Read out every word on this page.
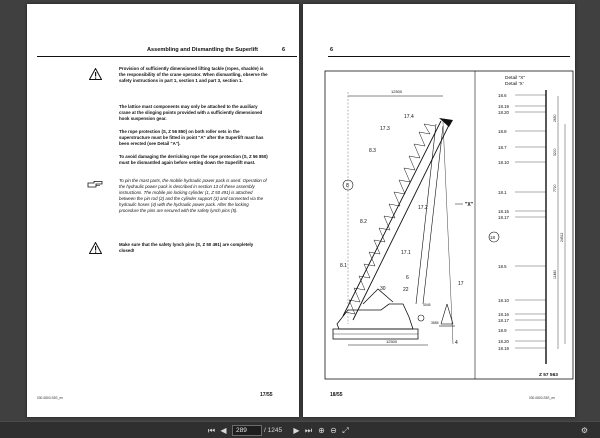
Assembling and Dismantling the Superlift	6
Provision of sufficiently dimensioned lifting tackle (ropes, shackle) is the responsibility of the crane operator. When dismantling, observe the safety instructions in part 1, section 1 and part 3, section 1.
The lattice mast components may only be attached to the auxiliary crane at the slinging points provided with a sufficiently dimensioned hook suspension gear.
The rope protection (S, Z 56 850) on both roller sets in the superstructure must be fitted in point "A" after the Superlift mast has been erected (see Detail "A").
To avoid damaging the derricking rope the rope protection (S, Z 56 850) must be dismantled again before setting down the Superlift mast.
To pin the mast parts, the mobile hydraulic power pack is used. Operation of the hydraulic power pack is described in section 13 of these assembly instructions. The mobile pin locking cylinder (1, Z 50 491) is attached between the pin rod (2) and the cylinder support (3) and connected via the hydraulic hoses (4) with the hydraulic power pack. After the locking procedure the pins are secured with the safety lynch pins (5).
Make sure that the safety lynch pins (S, Z 50 491) are completely closed!
030-0800-S5S_en	17/55
6
12500
12500
4045
3555
17.4
17.3
8.3
8
17.2
8.2
17.1
8.1
30
6
22
4
17
"X"
Detail "X"
Detail 'X'
18.6
18.19
18.20
18.8
18.7
18.10
18.1
18.15
18.17
18
18.5
18.10
18.16
18.17
18.9
18.20
18.19
2650
3200
7720
24512
11480
Z 57 563
18/55	030-0800-S5S_en
⏮ ◀
289	/ 1245	▶ ⏭ ⊕ ⊖ ⤢	⚙
